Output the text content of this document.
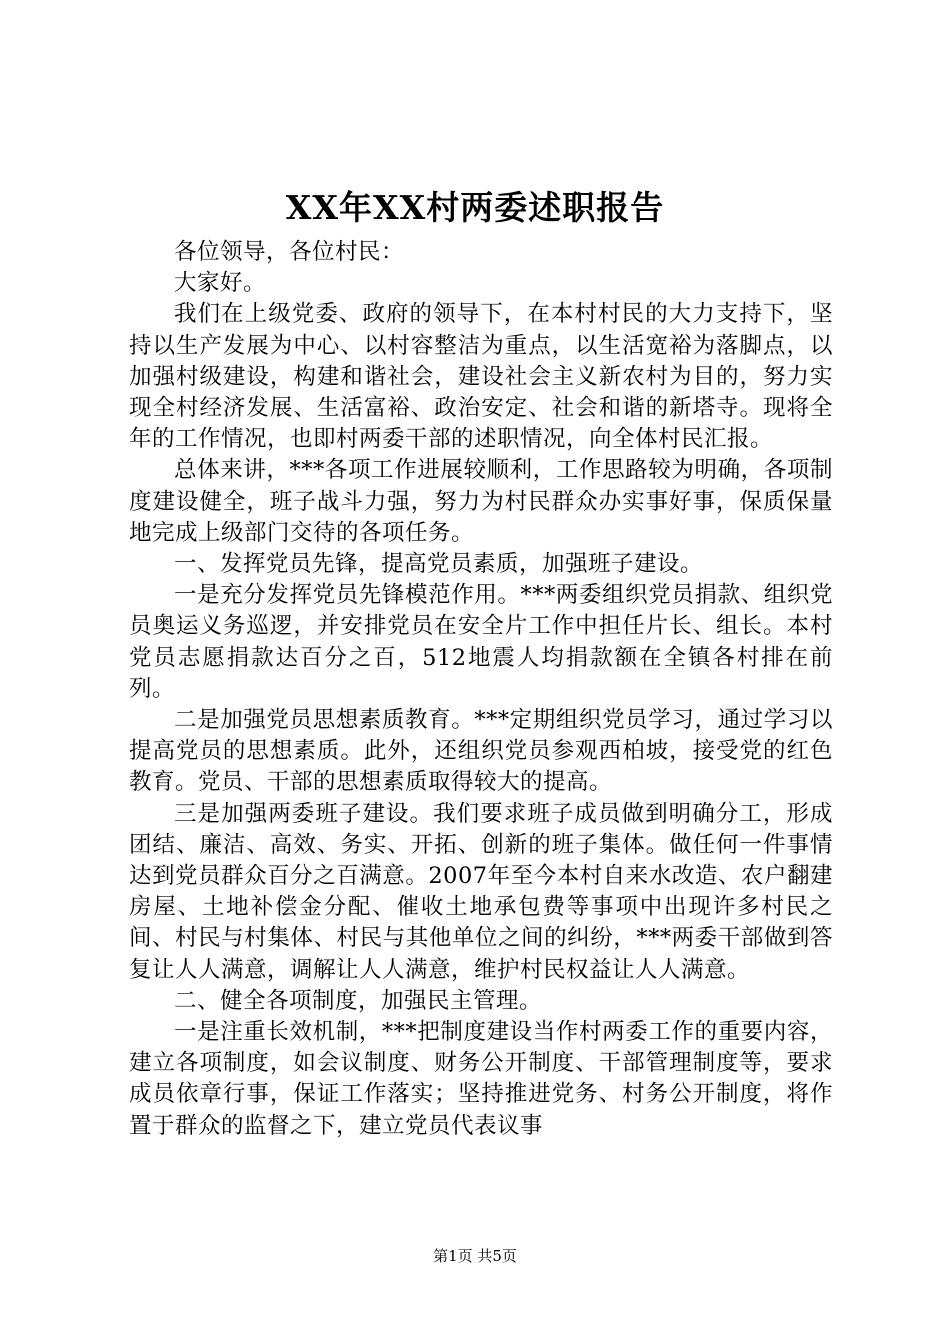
XX年XX村两委述职报告

各位领导，各位村民：

大家好。

我们在上级党委、政府的领导下，在本村村民的大力支持下，坚持以生产发展为中心、以村容整洁为重点，以生活宽裕为落脚点，以加强村级建设，构建和谐社会，建设社会主义新农村为目的，努力实现全村经济发展、生活富裕、政治安定、社会和谐的新塔寺。现将全年的工作情况，也即村两委干部的述职情况，向全体村民汇报。

总体来讲，***各项工作进展较顺利，工作思路较为明确，各项制度建设健全，班子战斗力强，努力为村民群众办实事好事，保质保量地完成上级部门交待的各项任务。

一、发挥党员先锋，提高党员素质，加强班子建设。

一是充分发挥党员先锋模范作用。***两委组织党员捐款、组织党员奥运义务巡逻，并安排党员在安全片工作中担任片长、组长。本村党员志愿捐款达百分之百，512地震人均捐款额在全镇各村排在前列。

二是加强党员思想素质教育。***定期组织党员学习，通过学习以提高党员的思想素质。此外，还组织党员参观西柏坡，接受党的红色教育。党员、干部的思想素质取得较大的提高。

三是加强两委班子建设。我们要求班子成员做到明确分工，形成团结、廉洁、高效、务实、开拓、创新的班子集体。做任何一件事情达到党员群众百分之百满意。2007年至今本村自来水改造、农户翻建房屋、土地补偿金分配、催收土地承包费等事项中出现许多村民之间、村民与村集体、村民与其他单位之间的纠纷，***两委干部做到答复让人人满意，调解让人人满意，维护村民权益让人人满意。

二、健全各项制度，加强民主管理。

一是注重长效机制，***把制度建设当作村两委工作的重要内容，建立各项制度，如会议制度、财务公开制度、干部管理制度等，要求成员依章行事，保证工作落实；坚持推进党务、村务公开制度，将作置于群众的监督之下，建立党员代表议事

第1页 共5页
